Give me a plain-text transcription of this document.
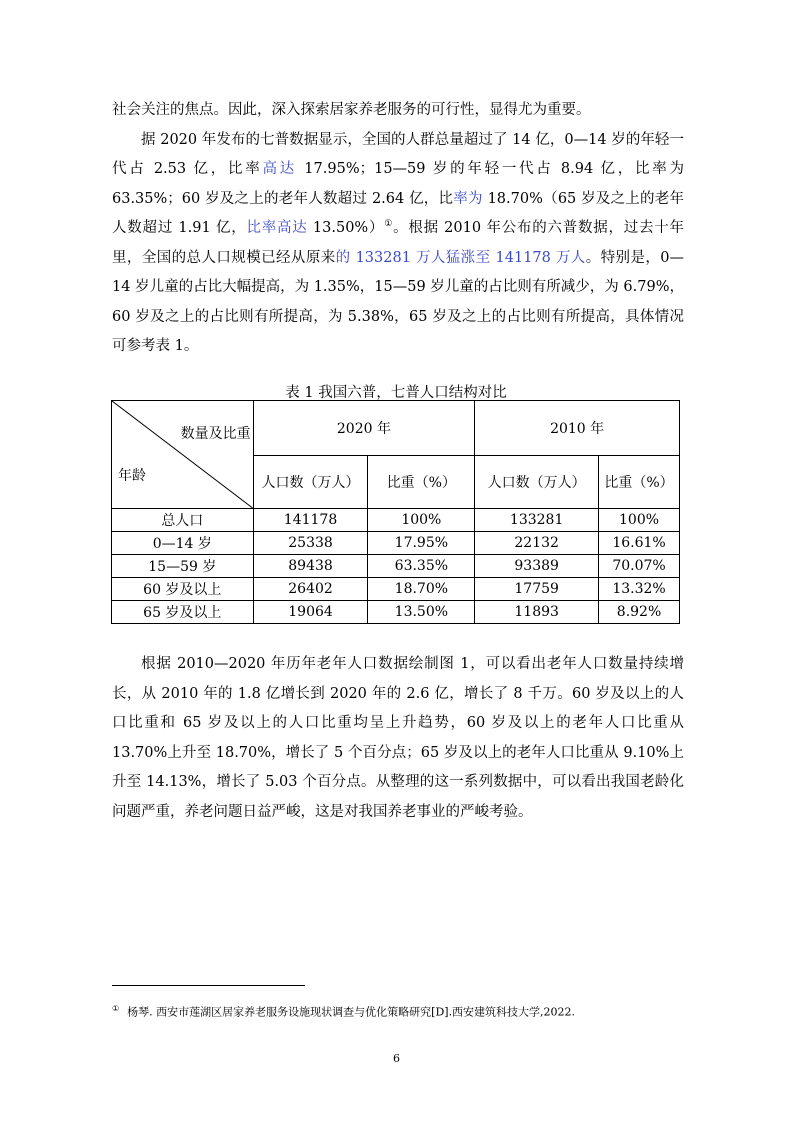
社会关注的焦点。因此，深入探索居家养老服务的可行性，显得尤为重要。

据 2020 年发布的七普数据显示，全国的人群总量超过了 14 亿，0—14 岁的年轻一代占 2.53 亿，比率高达 17.95%；15—59 岁的年轻一代占 8.94 亿，比率为 63.35%；60 岁及之上的老年人数超过 2.64 亿，比率为 18.70%（65 岁及之上的老年人数超过 1.91 亿，比率高达 13.50%）①。根据 2010 年公布的六普数据，过去十年里，全国的总人口规模已经从原来的 133281 万人猛涨至 141178 万人。特别是，0—14 岁儿童的占比大幅提高，为 1.35%，15—59 岁儿童的占比则有所减少，为 6.79%，60 岁及之上的占比则有所提高，为 5.38%，65 岁及之上的占比则有所提高，具体情况可参考表 1。

表 1 我国六普，七普人口结构对比
数量及比重
年龄	2020 年		2010 年	
	人口数（万人）	比重（%）	人口数（万人）	比重（%）
总人口	141178	100%	133281	100%
0—14 岁	25338	17.95%	22132	16.61%
15—59 岁	89438	63.35%	93389	70.07%
60 岁及以上	26402	18.70%	17759	13.32%
65 岁及以上	19064	13.50%	11893	8.92%

根据 2010—2020 年历年老年人口数据绘制图 1，可以看出老年人口数量持续增长，从 2010 年的 1.8 亿增长到 2020 年的 2.6 亿，增长了 8 千万。60 岁及以上的人口比重和 65 岁及以上的人口比重均呈上升趋势，60 岁及以上的老年人口比重从 13.70%上升至 18.70%，增长了 5 个百分点；65 岁及以上的老年人口比重从 9.10%上升至 14.13%，增长了 5.03 个百分点。从整理的这一系列数据中，可以看出我国老龄化问题严重，养老问题日益严峻，这是对我国养老事业的严峻考验。

① 杨琴. 西安市莲湖区居家养老服务设施现状调查与优化策略研究[D].西安建筑科技大学,2022.
6
